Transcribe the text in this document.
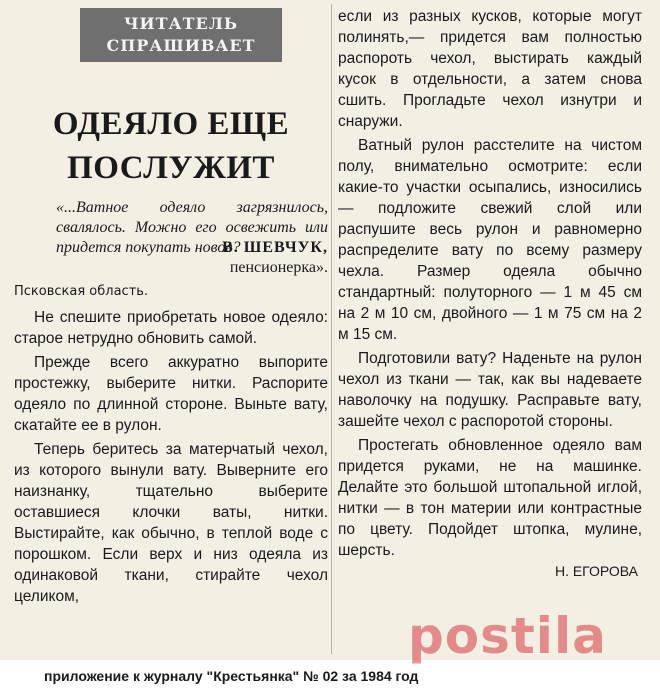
ЧИТАТЕЛЬ
СПРАШИВАЕТ
ОДЕЯЛО ЕЩЕ
ПОСЛУЖИТ
«...Ватное одеяло загрязнилось, свалялось. Можно его освежить или придется покупать новое?
В. ШЕВЧУК,
пенсионерка».
Псковская область.

Не спешите приобретать новое одеяло: старое нетрудно обновить самой.

Прежде всего аккуратно выпорите простежку, выберите нитки. Распорите одеяло по длинной стороне. Выньте вату, скатайте ее в рулон.

Теперь беритесь за матерчатый чехол, из которого вынули вату. Выверните его наизнанку, тщательно выберите оставшиеся клочки ваты, нитки. Выстирайте, как обычно, в теплой воде с порошком. Если верх и низ одеяла из одинаковой ткани, стирайте чехол целиком,

если из разных кусков, которые могут полинять,— придется вам полностью распороть чехол, выстирать каждый кусок в отдельности, а затем снова сшить. Прогладьте чехол изнутри и снаружи.

Ватный рулон расстелите на чистом полу, внимательно осмотрите: если какие-то участки осыпались, износились — подложите свежий слой или распушите весь рулон и равномерно распределите вату по всему размеру чехла. Размер одеяла обычно стандартный: полуторного — 1 м 45 см на 2 м 10 см, двойного — 1 м 75 см на 2 м 15 см.

Подготовили вату? Наденьте на рулон чехол из ткани — так, как вы надеваете наволочку на подушку. Расправьте вату, зашейте чехол с распоротой стороны.

Простегать обновленное одеяло вам придется руками, не на машинке. Делайте это большой штопальной иглой, нитки — в тон материи или контрастные по цвету. Подойдет штопка, мулине, шерсть.

Н. ЕГОРОВА
postila
приложение к журналу "Крестьянка" № 02 за 1984 год
